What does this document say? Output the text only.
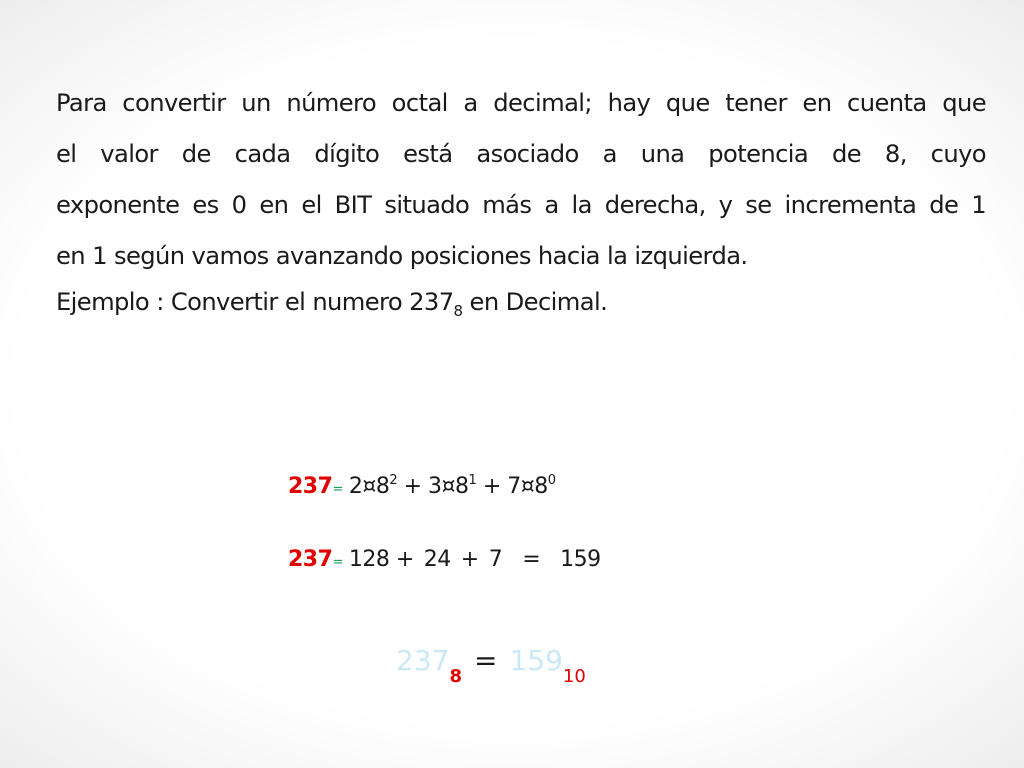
Para convertir un número octal a decimal; hay que tener en cuenta que
el valor de cada dígito está asociado a una potencia de 8, cuyo
exponente es 0 en el BIT situado más a la derecha, y se incrementa de 1
en 1 según vamos avanzando posiciones hacia la izquierda.
Ejemplo : Convertir el numero $237_8$ en Decimal.
$237= 2¤8^2$ + $3¤8^1$ + $7¤8^0$
237= 128 + 24 + 7 = 159
$237_8 = 159_{10}$
